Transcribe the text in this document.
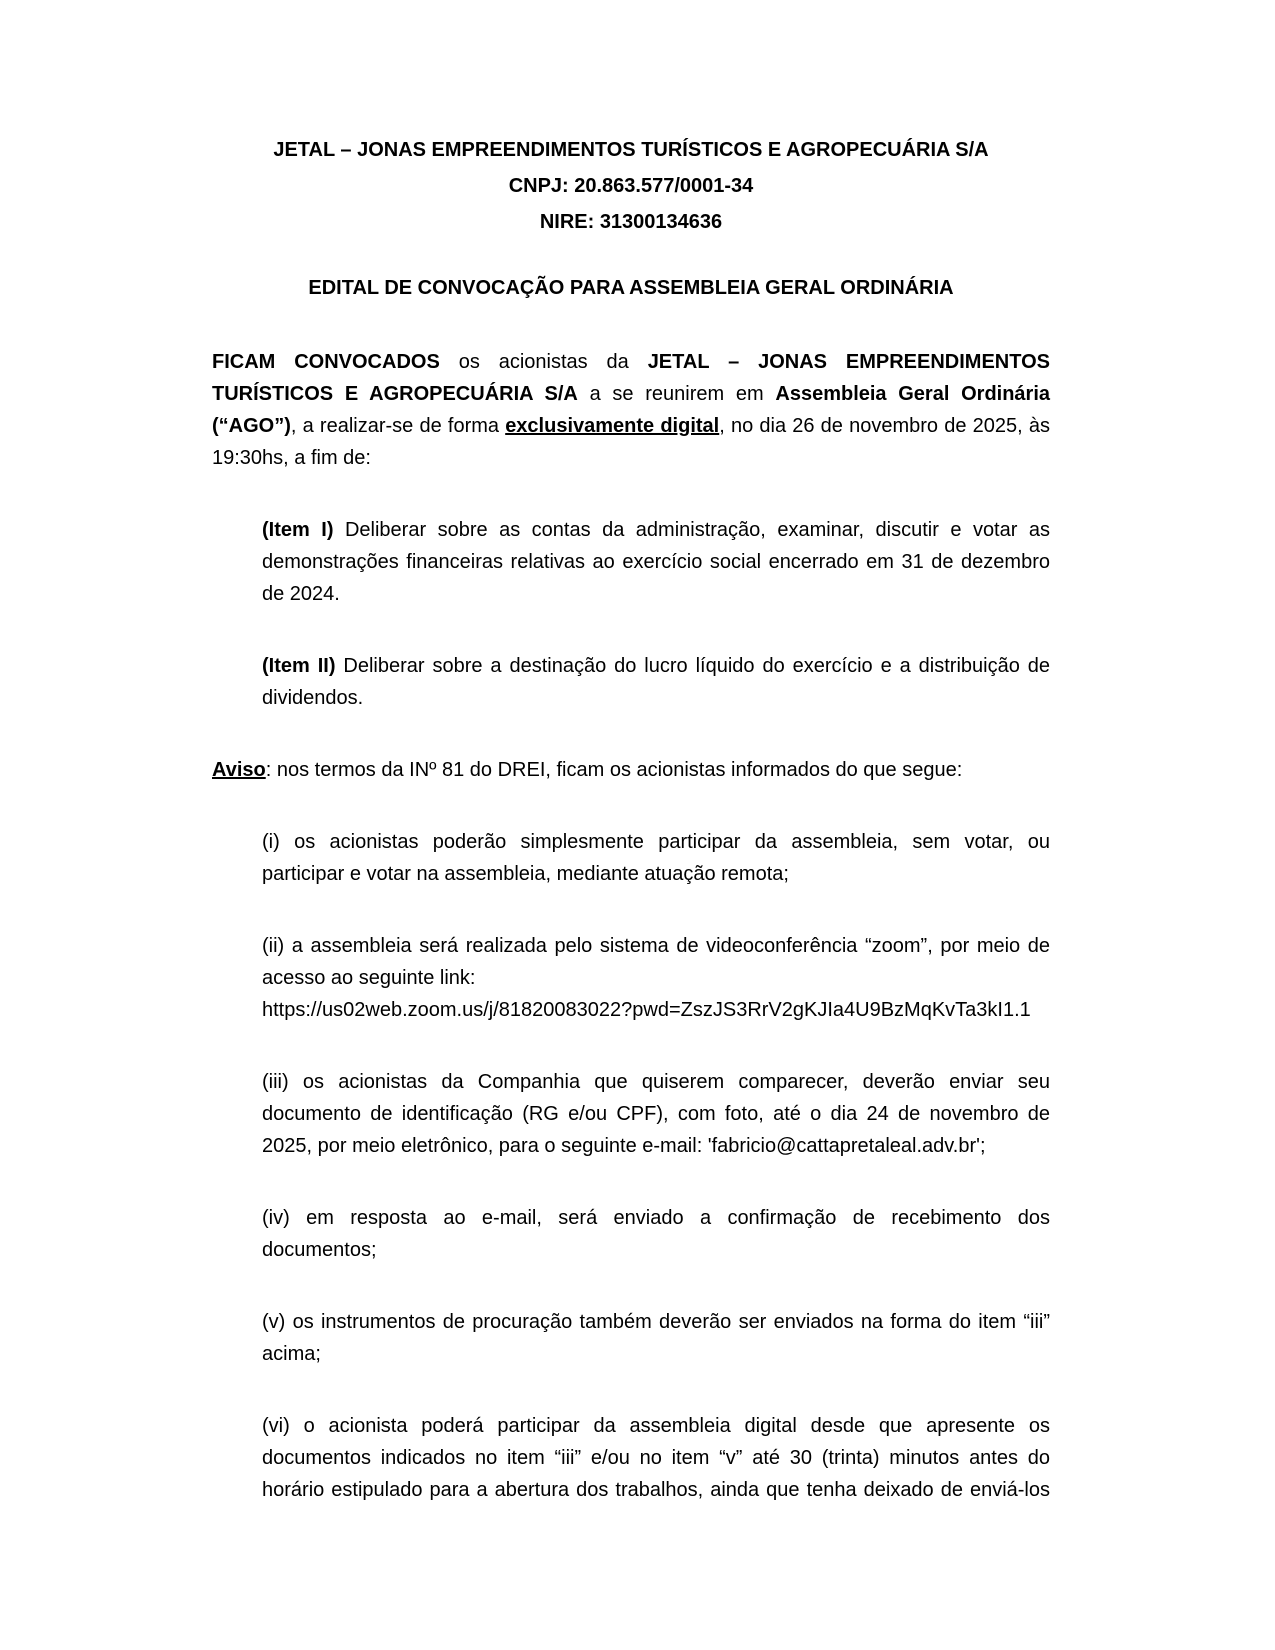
JETAL – JONAS EMPREENDIMENTOS TURÍSTICOS E AGROPECUÁRIA S/A

CNPJ: 20.863.577/0001-34

NIRE: 31300134636

EDITAL DE CONVOCAÇÃO PARA ASSEMBLEIA GERAL ORDINÁRIA

FICAM CONVOCADOS os acionistas da JETAL – JONAS EMPREENDIMENTOS TURÍSTICOS E AGROPECUÁRIA S/A a se reunirem em Assembleia Geral Ordinária (“AGO”), a realizar-se de forma exclusivamente digital, no dia 26 de novembro de 2025, às 19:30hs, a fim de:

(Item I) Deliberar sobre as contas da administração, examinar, discutir e votar as demonstrações financeiras relativas ao exercício social encerrado em 31 de dezembro de 2024.

(Item II) Deliberar sobre a destinação do lucro líquido do exercício e a distribuição de dividendos.

Aviso: nos termos da INº 81 do DREI, ficam os acionistas informados do que segue:

(i) os acionistas poderão simplesmente participar da assembleia, sem votar, ou participar e votar na assembleia, mediante atuação remota;

(ii) a assembleia será realizada pelo sistema de videoconferência “zoom”, por meio de acesso ao seguinte link:
https://us02web.zoom.us/j/81820083022?pwd=ZszJS3RrV2gKJIa4U9BzMqKvTa3kI1.1

(iii) os acionistas da Companhia que quiserem comparecer, deverão enviar seu documento de identificação (RG e/ou CPF), com foto, até o dia 24 de novembro de 2025, por meio eletrônico, para o seguinte e-mail: 'fabricio@cattapretaleal.adv.br';

(iv) em resposta ao e-mail, será enviado a confirmação de recebimento dos documentos;

(v) os instrumentos de procuração também deverão ser enviados na forma do item “iii” acima;

(vi) o acionista poderá participar da assembleia digital desde que apresente os documentos indicados no item “iii” e/ou no item “v” até 30 (trinta) minutos antes do horário estipulado para a abertura dos trabalhos, ainda que tenha deixado de enviá-los
